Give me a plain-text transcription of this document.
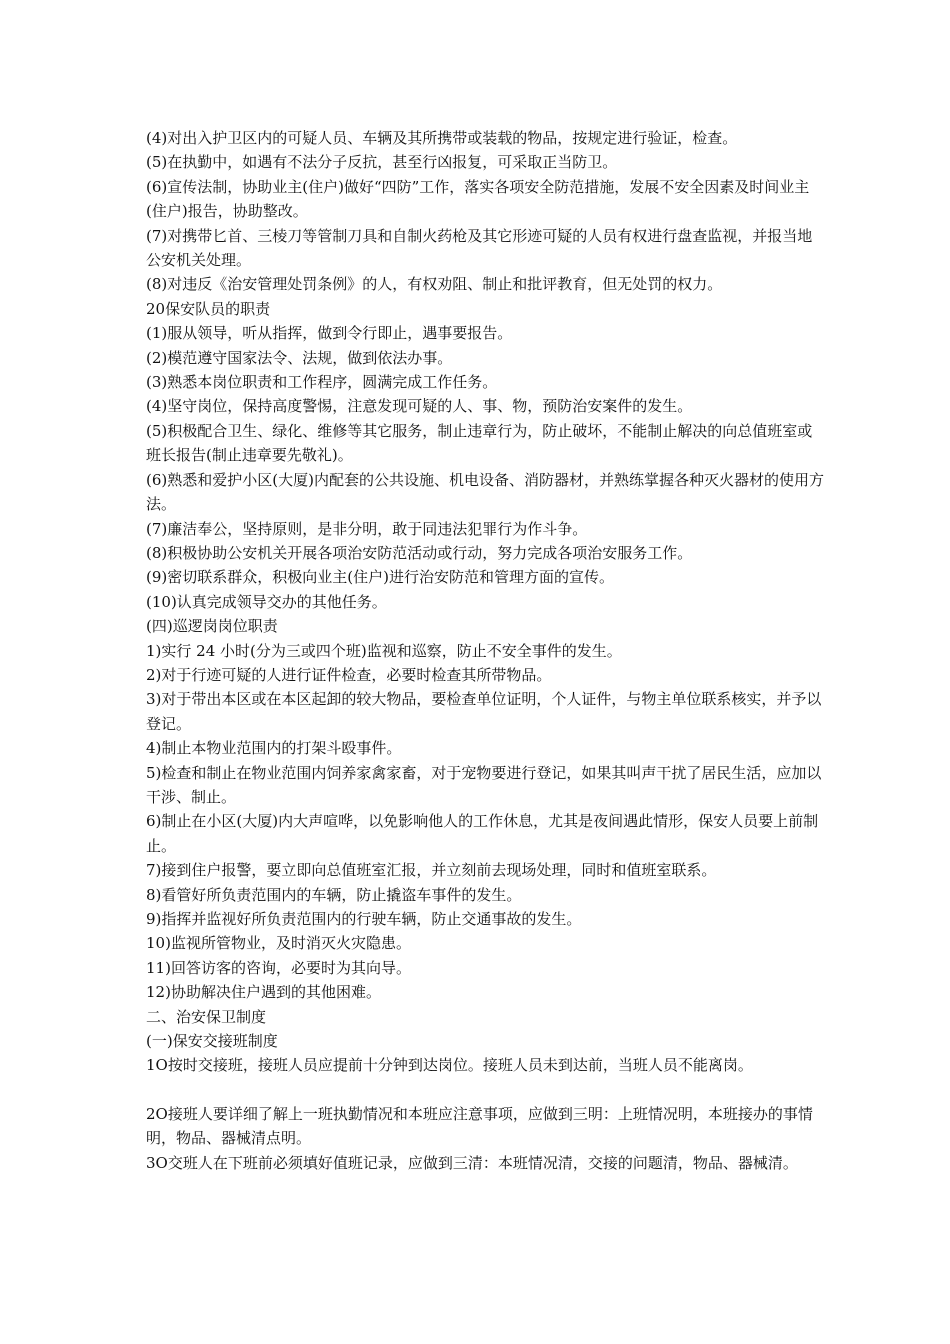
(4)对出入护卫区内的可疑人员、车辆及其所携带或装载的物品，按规定进行验证，检查。

(5)在执勤中，如遇有不法分子反抗，甚至行凶报复，可采取正当防卫。

(6)宣传法制，协助业主(住户)做好“四防”工作，落实各项安全防范措施，发展不安全因素及时间业主(住户)报告，协助整改。

(7)对携带匕首、三棱刀等管制刀具和自制火药枪及其它形迹可疑的人员有权进行盘查监视，并报当地公安机关处理。

(8)对违反《治安管理处罚条例》的人，有权劝阻、制止和批评教育，但无处罚的权力。

20保安队员的职责

(1)服从领导，听从指挥，做到令行即止，遇事要报告。

(2)模范遵守国家法令、法规，做到依法办事。

(3)熟悉本岗位职责和工作程序，圆满完成工作任务。

(4)坚守岗位，保持高度警惕，注意发现可疑的人、事、物，预防治安案件的发生。

(5)积极配合卫生、绿化、维修等其它服务，制止违章行为，防止破坏，不能制止解决的向总值班室或班长报告(制止违章要先敬礼)。

(6)熟悉和爱护小区(大厦)内配套的公共设施、机电设备、消防器材，并熟练掌握各种灭火器材的使用方法。

(7)廉洁奉公，坚持原则，是非分明，敢于同违法犯罪行为作斗争。

(8)积极协助公安机关开展各项治安防范活动或行动，努力完成各项治安服务工作。

(9)密切联系群众，积极向业主(住户)进行治安防范和管理方面的宣传。

(10)认真完成领导交办的其他任务。

(四)巡逻岗岗位职责

1)实行 24 小时(分为三或四个班)监视和巡察，防止不安全事件的发生。

2)对于行迹可疑的人进行证件检查，必要时检查其所带物品。

3)对于带出本区或在本区起卸的较大物品，要检查单位证明，个人证件，与物主单位联系核实，并予以登记。

4)制止本物业范围内的打架斗殴事件。

5)检查和制止在物业范围内饲养家禽家畜，对于宠物要进行登记，如果其叫声干扰了居民生活，应加以干涉、制止。

6)制止在小区(大厦)内大声喧哗，以免影响他人的工作休息，尤其是夜间遇此情形，保安人员要上前制止。

7)接到住户报警，要立即向总值班室汇报，并立刻前去现场处理，同时和值班室联系。

8)看管好所负责范围内的车辆，防止撬盗车事件的发生。

9)指挥并监视好所负责范围内的行驶车辆，防止交通事故的发生。

10)监视所管物业，及时消灭火灾隐患。

11)回答访客的咨询，必要时为其向导。

12)协助解决住户遇到的其他困难。

二、治安保卫制度

(一)保安交接班制度

1О按时交接班，接班人员应提前十分钟到达岗位。接班人员未到达前，当班人员不能离岗。

2О接班人要详细了解上一班执勤情况和本班应注意事项，应做到三明：上班情况明，本班接办的事情明，物品、器械清点明。

3О交班人在下班前必须填好值班记录，应做到三清：本班情况清，交接的问题清，物品、器械清。
